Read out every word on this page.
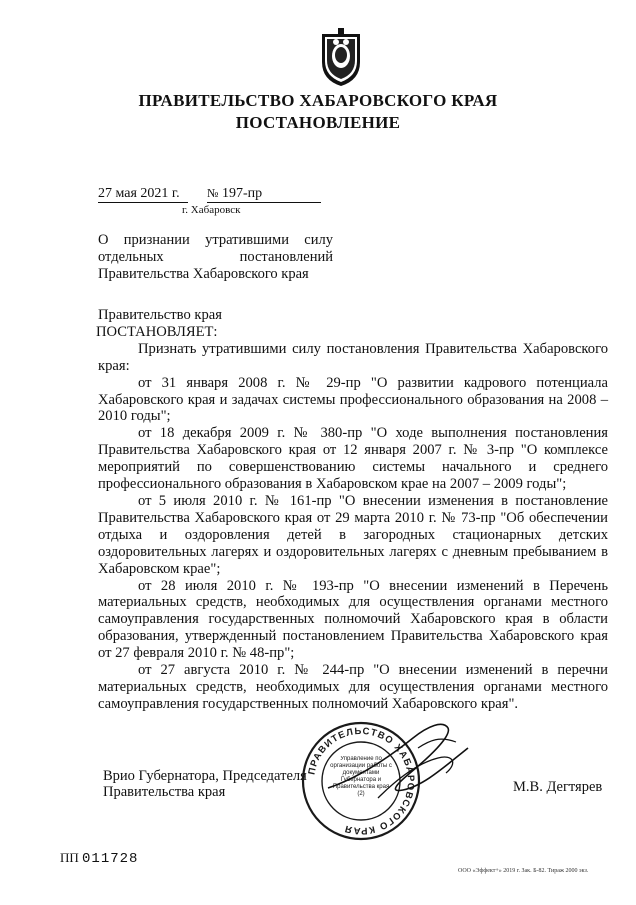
ПРАВИТЕЛЬСТВО ХАБАРОВСКОГО КРАЯ
ПОСТАНОВЛЕНИЕ
27 мая 2021 г. № 197-пр
г. Хабаровск
О признании утратившими силу отдельных постановлений Правительства Хабаровского края

Правительство края

ПОСТАНОВЛЯЕТ:

Признать утратившими силу постановления Правительства Хабаровского края:

от 31 января 2008 г. № 29-пр "О развитии кадрового потенциала Хабаровского края и задачах системы профессионального образования на 2008 – 2010 годы";

от 18 декабря 2009 г. № 380-пр "О ходе выполнения постановления Правительства Хабаровского края от 12 января 2007 г. № 3-пр "О комплексе мероприятий по совершенствованию системы начального и среднего профессионального образования в Хабаровском крае на 2007 – 2009 годы";

от 5 июля 2010 г. № 161-пр "О внесении изменения в постановление Правительства Хабаровского края от 29 марта 2010 г. № 73-пр "Об обеспечении отдыха и оздоровления детей в загородных стационарных детских оздоровительных лагерях и оздоровительных лагерях с дневным пребыванием в Хабаровском крае";

от 28 июля 2010 г. № 193-пр "О внесении изменений в Перечень материальных средств, необходимых для осуществления органами местного самоуправления государственных полномочий Хабаровского края в области образования, утвержденный постановлением Правительства Хабаровского края от 27 февраля 2010 г. № 48-пр";

от 27 августа 2010 г. № 244-пр "О внесении изменений в перечни материальных средств, необходимых для осуществления органами местного самоуправления государственных полномочий Хабаровского края".

Врио Губернатора, Председателя
Правительства края	М.В. Дегтярев
ПРАВИТЕЛЬСТВО ХАБАРОВСКОГО КРАЯ
Управление по организации работы с документами Губернатора и Правительства края
(2)
ПП 011728
ООО «Эффект+» 2019 г. Зак. Б-82. Тираж 2000 экз.
